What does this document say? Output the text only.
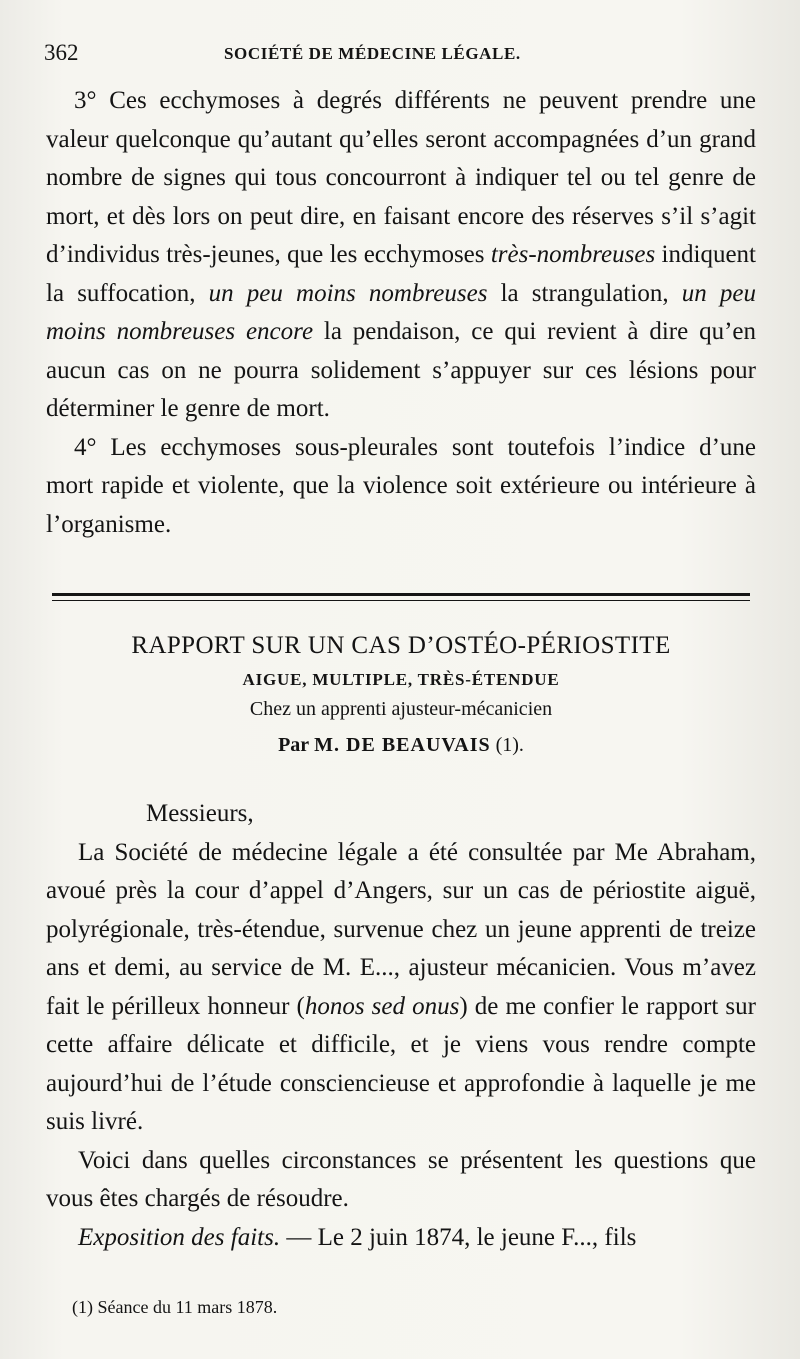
362	SOCIÉTÉ DE MÉDECINE LÉGALE.

3° Ces ecchymoses à degrés différents ne peuvent prendre une valeur quelconque qu’autant qu’elles seront accompagnées d’un grand nombre de signes qui tous concourront à indiquer tel ou tel genre de mort, et dès lors on peut dire, en faisant encore des réserves s’il s’agit d’individus très-jeunes, que les ecchymoses très-nombreuses indiquent la suffocation, un peu moins nombreuses la strangulation, un peu moins nombreuses encore la pendaison, ce qui revient à dire qu’en aucun cas on ne pourra solidement s’appuyer sur ces lésions pour déterminer le genre de mort.

4° Les ecchymoses sous-pleurales sont toutefois l’indice d’une mort rapide et violente, que la violence soit extérieure ou intérieure à l’organisme.

RAPPORT SUR UN CAS D’OSTÉO-PÉRIOSTITE
AIGUE, MULTIPLE, TRÈS-ÉTENDUE
Chez un apprenti ajusteur-mécanicien
Par M. DE BEAUVAIS (1).
Messieurs,

La Société de médecine légale a été consultée par Me Abraham, avoué près la cour d’appel d’Angers, sur un cas de périostite aiguë, polyrégionale, très-étendue, survenue chez un jeune apprenti de treize ans et demi, au service de M. E..., ajusteur mécanicien. Vous m’avez fait le périlleux honneur (honos sed onus) de me confier le rapport sur cette affaire délicate et difficile, et je viens vous rendre compte aujourd’hui de l’étude consciencieuse et approfondie à laquelle je me suis livré.

Voici dans quelles circonstances se présentent les questions que vous êtes chargés de résoudre.

Exposition des faits. — Le 2 juin 1874, le jeune F..., fils

(1) Séance du 11 mars 1878.
